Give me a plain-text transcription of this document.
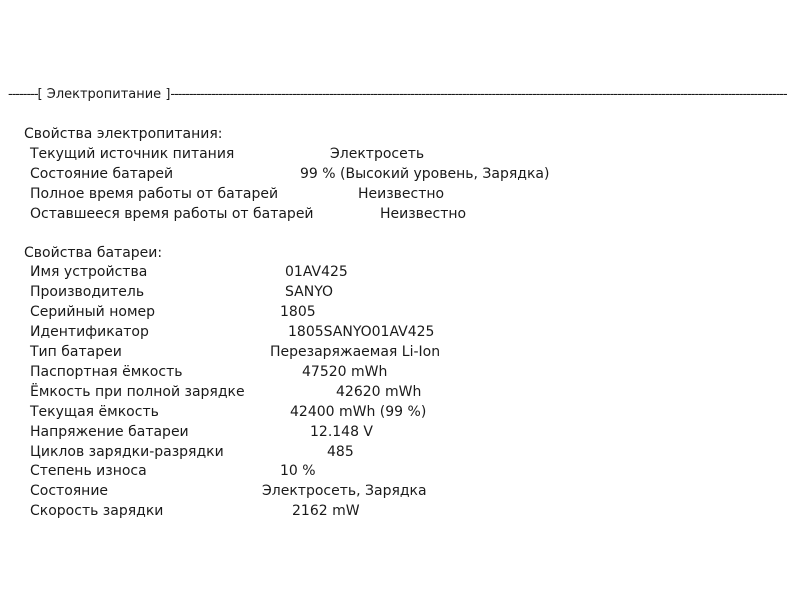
-------- [ Электропитание ] -----------------------------------------------------------------------------------------------------------------------------------------------------------------------
Свойства электропитания:
Текущий источник питания	Электросеть
Состояние батарей	99 % (Высокий уровень, Зарядка)
Полное время работы от батарей	Неизвестно
Оставшееся время работы от батарей	Неизвестно
Свойства батареи:
Имя устройства	01AV425
Производитель	SANYO
Серийный номер	1805
Идентификатор	1805SANYO01AV425
Тип батареи	Перезаряжаемая Li-Ion
Паспортная ёмкость	47520 mWh
Ёмкость при полной зарядке	42620 mWh
Текущая ёмкость	42400 mWh (99 %)
Напряжение батареи	12.148 V
Циклов зарядки-разрядки	485
Степень износа	10 %
Состояние	Электросеть, Зарядка
Скорость зарядки	2162 mW
